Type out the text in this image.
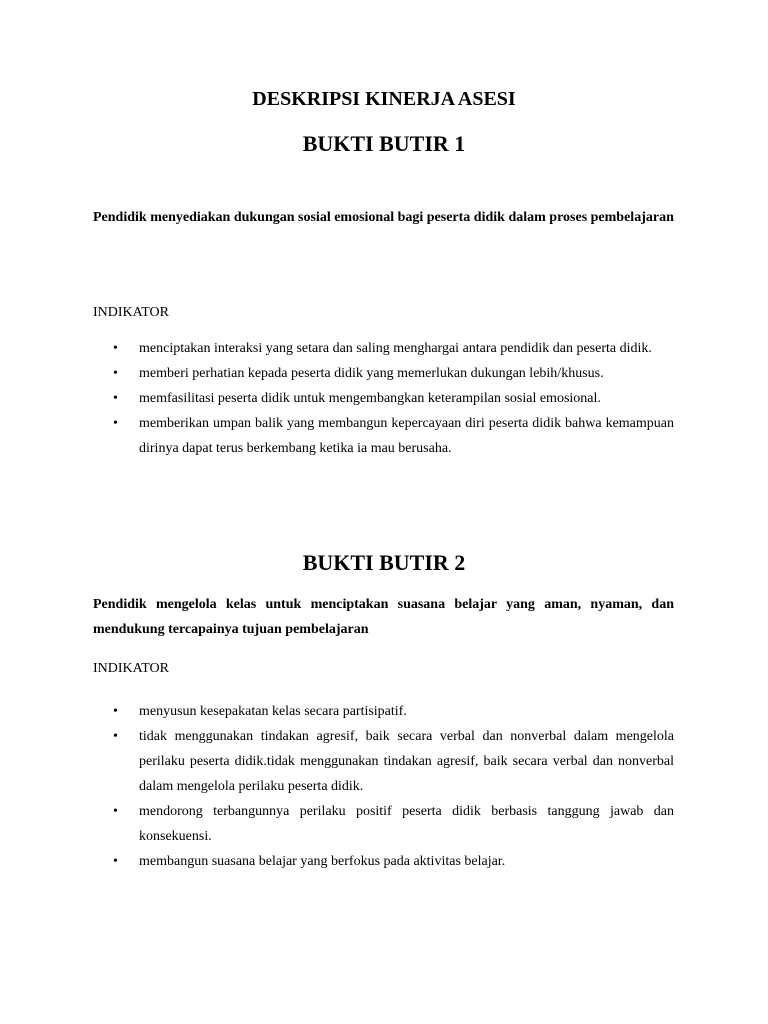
DESKRIPSI KINERJA ASESI
BUKTI BUTIR 1

Pendidik menyediakan dukungan sosial emosional bagi peserta didik dalam proses pembelajaran

INDIKATOR

• menciptakan interaksi yang setara dan saling menghargai antara pendidik dan peserta didik.
• memberi perhatian kepada peserta didik yang memerlukan dukungan lebih/khusus.
• memfasilitasi peserta didik untuk mengembangkan keterampilan sosial emosional.
• memberikan umpan balik yang membangun kepercayaan diri peserta didik bahwa kemampuan dirinya dapat terus berkembang ketika ia mau berusaha.
BUKTI BUTIR 2

Pendidik mengelola kelas untuk menciptakan suasana belajar yang aman, nyaman, dan mendukung tercapainya tujuan pembelajaran

INDIKATOR

• menyusun kesepakatan kelas secara partisipatif.
• tidak menggunakan tindakan agresif, baik secara verbal dan nonverbal dalam mengelola perilaku peserta didik.tidak menggunakan tindakan agresif, baik secara verbal dan nonverbal dalam mengelola perilaku peserta didik.
• mendorong terbangunnya perilaku positif peserta didik berbasis tanggung jawab dan konsekuensi.
• membangun suasana belajar yang berfokus pada aktivitas belajar.
